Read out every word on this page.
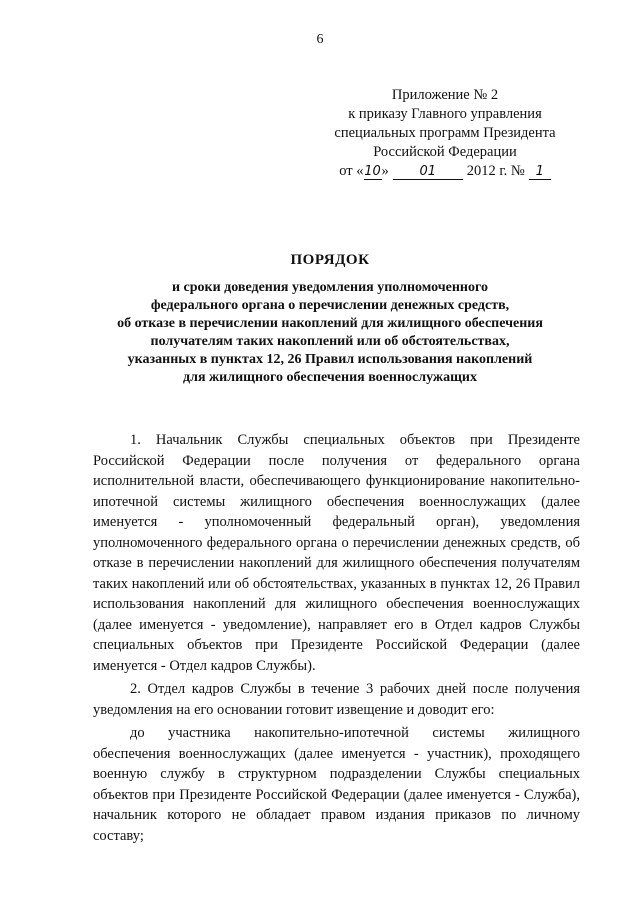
6
Приложение № 2
к приказу Главного управления
специальных программ Президента
Российской Федерации
от « 10 »	01	2012 г. № 1
ПОРЯДОК
и сроки доведения уведомления уполномоченного
федерального органа о перечислении денежных средств,
об отказе в перечислении накоплений для жилищного обеспечения
получателям таких накоплений или об обстоятельствах,
указанных в пунктах 12, 26 Правил использования накоплений
для жилищного обеспечения военнослужащих

1. Начальник Службы специальных объектов при Президенте Российской Федерации после получения от федерального органа исполнительной власти, обеспечивающего функционирование накопительно-ипотечной системы жилищного обеспечения военнослужащих (далее именуется - уполномоченный федеральный орган), уведомления уполномоченного федерального органа о перечислении денежных средств, об отказе в перечислении накоплений для жилищного обеспечения получателям таких накоплений или об обстоятельствах, указанных в пунктах 12, 26 Правил использования накоплений для жилищного обеспечения военнослужащих (далее именуется - уведомление), направляет его в Отдел кадров Службы специальных объектов при Президенте Российской Федерации (далее именуется - Отдел кадров Службы).

2. Отдел кадров Службы в течение 3 рабочих дней после получения уведомления на его основании готовит извещение и доводит его:

до участника накопительно-ипотечной системы жилищного обеспечения военнослужащих (далее именуется - участник), проходящего военную службу в структурном подразделении Службы специальных объектов при Президенте Российской Федерации (далее именуется - Служба), начальник которого не обладает правом издания приказов по личному составу;
